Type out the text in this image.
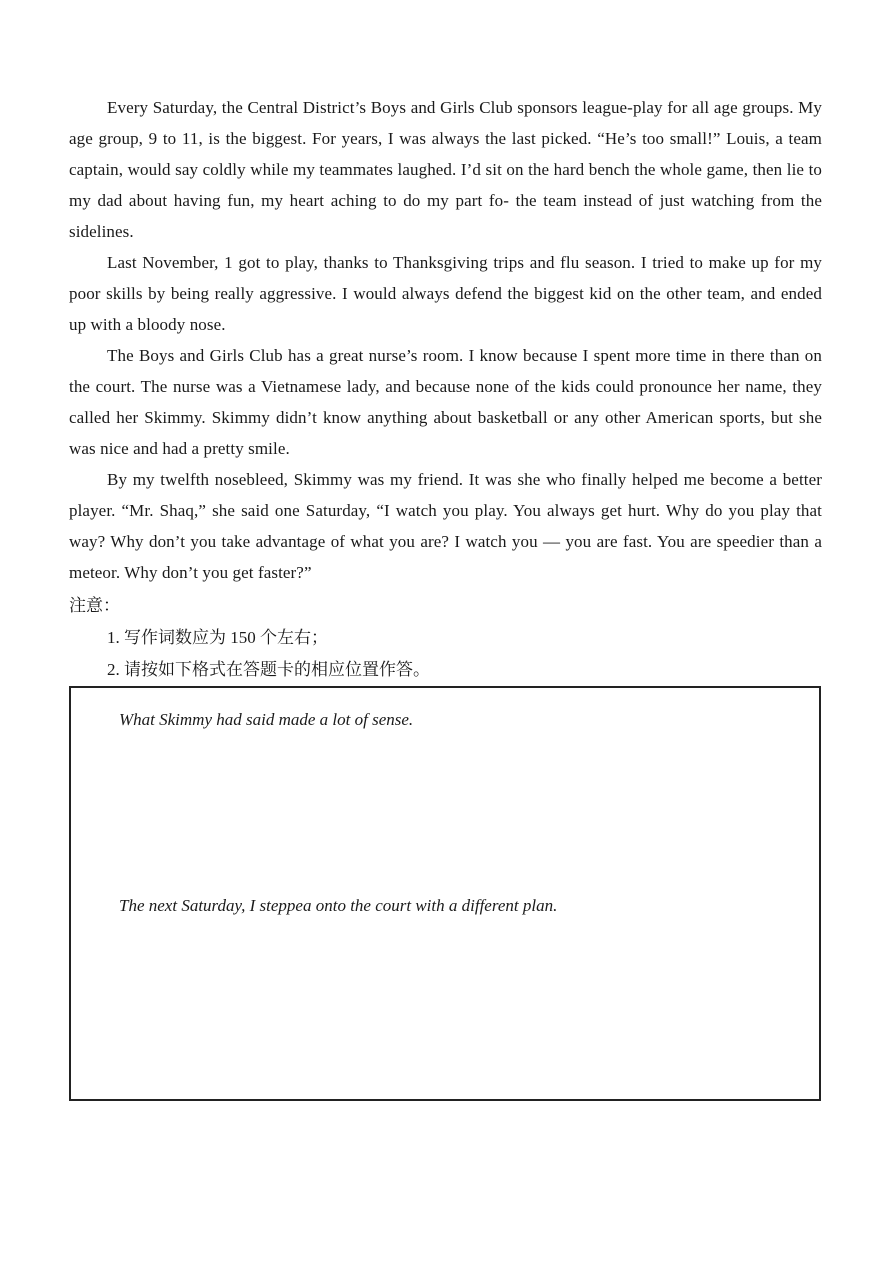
Every Saturday, the Central District’s Boys and Girls Club sponsors league-play for all age groups. My age group, 9 to 11, is the biggest. For years, I was always the last picked. “He’s too small!” Louis, a team captain, would say coldly while my teammates laughed. I’d sit on the hard bench the whole game, then lie to my dad about having fun, my heart aching to do my part fo- the team instead of just watching from the sidelines.

Last November, 1 got to play, thanks to Thanksgiving trips and flu season. I tried to make up for my poor skills by being really aggressive. I would always defend the biggest kid on the other team, and ended up with a bloody nose.

The Boys and Girls Club has a great nurse’s room. I know because I spent more time in there than on the court. The nurse was a Vietnamese lady, and because none of the kids could pronounce her name, they called her Skimmy. Skimmy didn’t know anything about basketball or any other American sports, but she was nice and had a pretty smile.

By my twelfth nosebleed, Skimmy was my friend. It was she who finally helped me become a better player. “Mr. Shaq,” she said one Saturday, “I watch you play. You always get hurt. Why do you play that way? Why don’t you take advantage of what you are? I watch you — you are fast. You are speedier than a meteor. Why don’t you get faster?”

注意：

1. 写作词数应为 150 个左右；

2. 请按如下格式在答题卡的相应位置作答。

What Skimmy had said made a lot of sense.

The next Saturday, I steppea onto the court with a different plan.
